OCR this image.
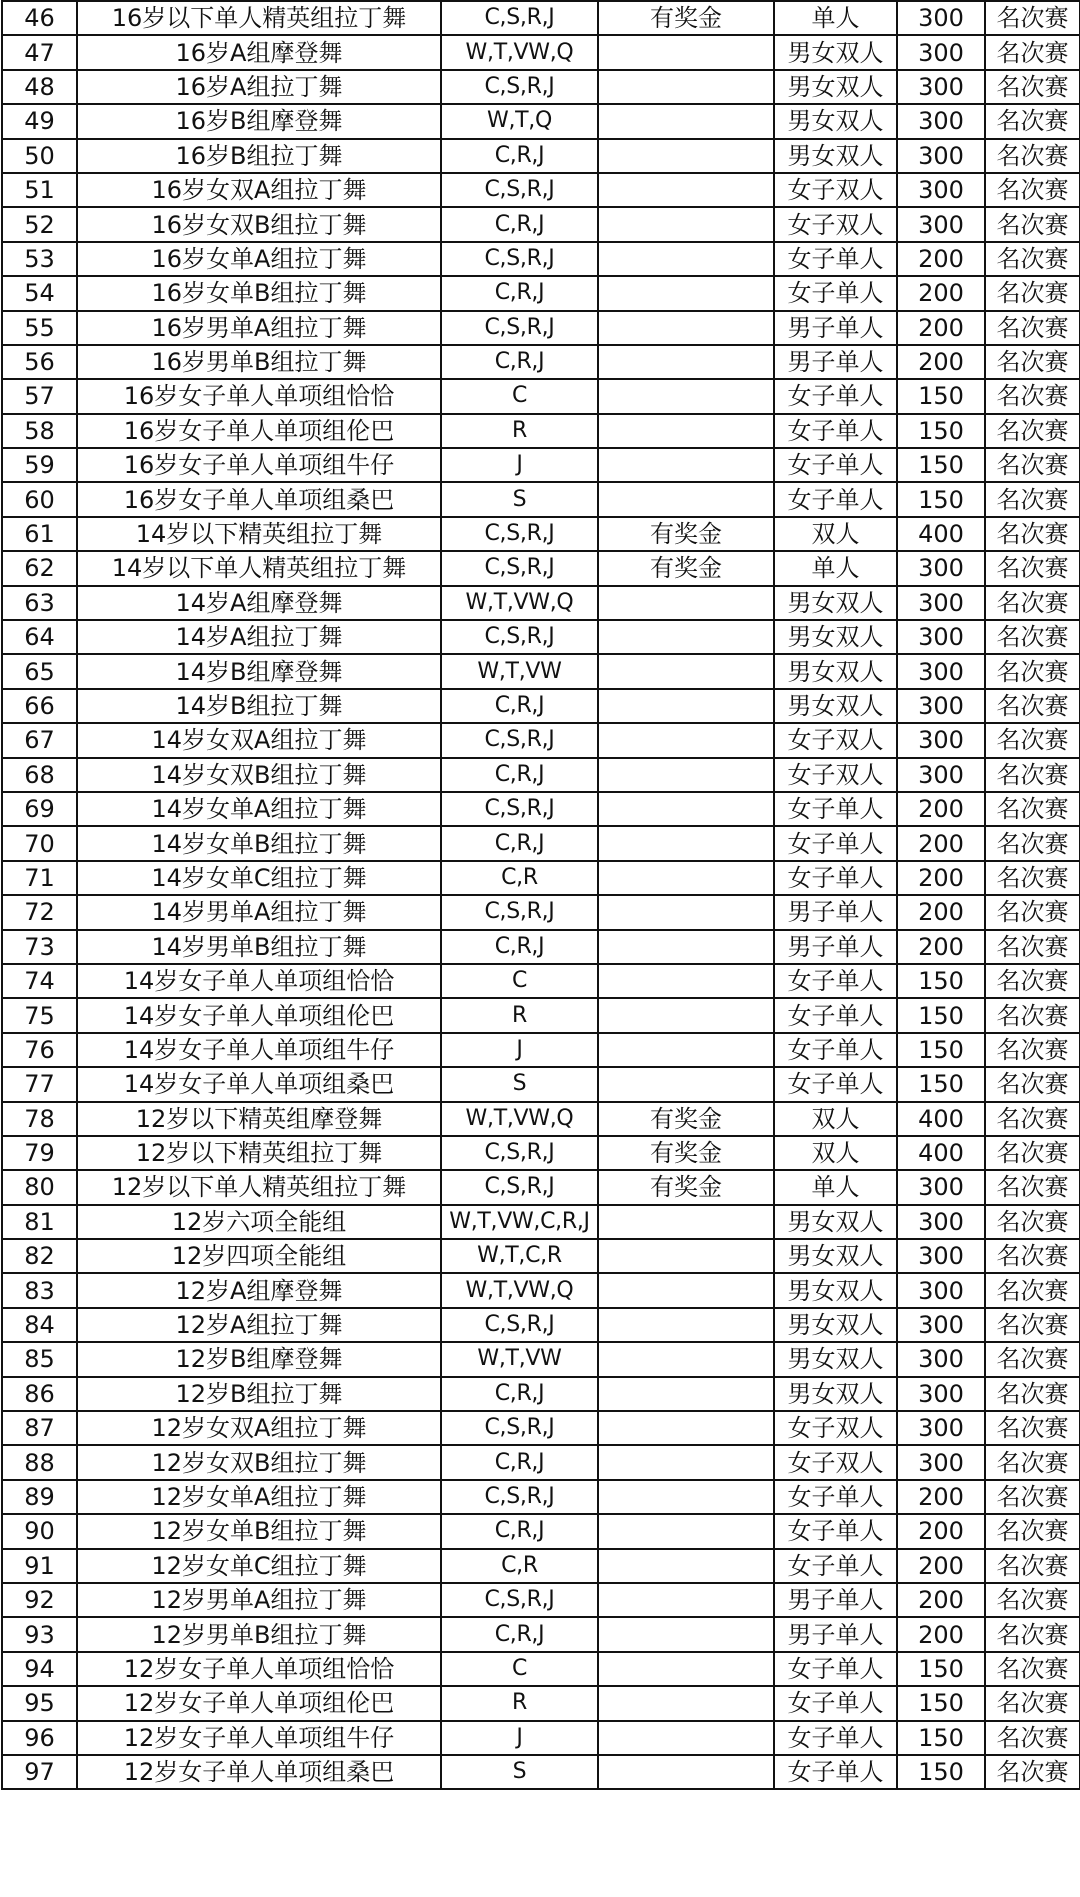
46	16岁以下单人精英组拉丁舞	C,S,R,J	有奖金	单人	300	名次赛
47	16岁A组摩登舞	W,T,VW,Q		男女双人	300	名次赛
48	16岁A组拉丁舞	C,S,R,J		男女双人	300	名次赛
49	16岁B组摩登舞	W,T,Q		男女双人	300	名次赛
50	16岁B组拉丁舞	C,R,J		男女双人	300	名次赛
51	16岁女双A组拉丁舞	C,S,R,J		女子双人	300	名次赛
52	16岁女双B组拉丁舞	C,R,J		女子双人	300	名次赛
53	16岁女单A组拉丁舞	C,S,R,J		女子单人	200	名次赛
54	16岁女单B组拉丁舞	C,R,J		女子单人	200	名次赛
55	16岁男单A组拉丁舞	C,S,R,J		男子单人	200	名次赛
56	16岁男单B组拉丁舞	C,R,J		男子单人	200	名次赛
57	16岁女子单人单项组恰恰	C		女子单人	150	名次赛
58	16岁女子单人单项组伦巴	R		女子单人	150	名次赛
59	16岁女子单人单项组牛仔	J		女子单人	150	名次赛
60	16岁女子单人单项组桑巴	S		女子单人	150	名次赛
61	14岁以下精英组拉丁舞	C,S,R,J	有奖金	双人	400	名次赛
62	14岁以下单人精英组拉丁舞	C,S,R,J	有奖金	单人	300	名次赛
63	14岁A组摩登舞	W,T,VW,Q		男女双人	300	名次赛
64	14岁A组拉丁舞	C,S,R,J		男女双人	300	名次赛
65	14岁B组摩登舞	W,T,VW		男女双人	300	名次赛
66	14岁B组拉丁舞	C,R,J		男女双人	300	名次赛
67	14岁女双A组拉丁舞	C,S,R,J		女子双人	300	名次赛
68	14岁女双B组拉丁舞	C,R,J		女子双人	300	名次赛
69	14岁女单A组拉丁舞	C,S,R,J		女子单人	200	名次赛
70	14岁女单B组拉丁舞	C,R,J		女子单人	200	名次赛
71	14岁女单C组拉丁舞	C,R		女子单人	200	名次赛
72	14岁男单A组拉丁舞	C,S,R,J		男子单人	200	名次赛
73	14岁男单B组拉丁舞	C,R,J		男子单人	200	名次赛
74	14岁女子单人单项组恰恰	C		女子单人	150	名次赛
75	14岁女子单人单项组伦巴	R		女子单人	150	名次赛
76	14岁女子单人单项组牛仔	J		女子单人	150	名次赛
77	14岁女子单人单项组桑巴	S		女子单人	150	名次赛
78	12岁以下精英组摩登舞	W,T,VW,Q	有奖金	双人	400	名次赛
79	12岁以下精英组拉丁舞	C,S,R,J	有奖金	双人	400	名次赛
80	12岁以下单人精英组拉丁舞	C,S,R,J	有奖金	单人	300	名次赛
81	12岁六项全能组	W,T,VW,C,R,J		男女双人	300	名次赛
82	12岁四项全能组	W,T,C,R		男女双人	300	名次赛
83	12岁A组摩登舞	W,T,VW,Q		男女双人	300	名次赛
84	12岁A组拉丁舞	C,S,R,J		男女双人	300	名次赛
85	12岁B组摩登舞	W,T,VW		男女双人	300	名次赛
86	12岁B组拉丁舞	C,R,J		男女双人	300	名次赛
87	12岁女双A组拉丁舞	C,S,R,J		女子双人	300	名次赛
88	12岁女双B组拉丁舞	C,R,J		女子双人	300	名次赛
89	12岁女单A组拉丁舞	C,S,R,J		女子单人	200	名次赛
90	12岁女单B组拉丁舞	C,R,J		女子单人	200	名次赛
91	12岁女单C组拉丁舞	C,R		女子单人	200	名次赛
92	12岁男单A组拉丁舞	C,S,R,J		男子单人	200	名次赛
93	12岁男单B组拉丁舞	C,R,J		男子单人	200	名次赛
94	12岁女子单人单项组恰恰	C		女子单人	150	名次赛
95	12岁女子单人单项组伦巴	R		女子单人	150	名次赛
96	12岁女子单人单项组牛仔	J		女子单人	150	名次赛
97	12岁女子单人单项组桑巴	S		女子单人	150	名次赛
